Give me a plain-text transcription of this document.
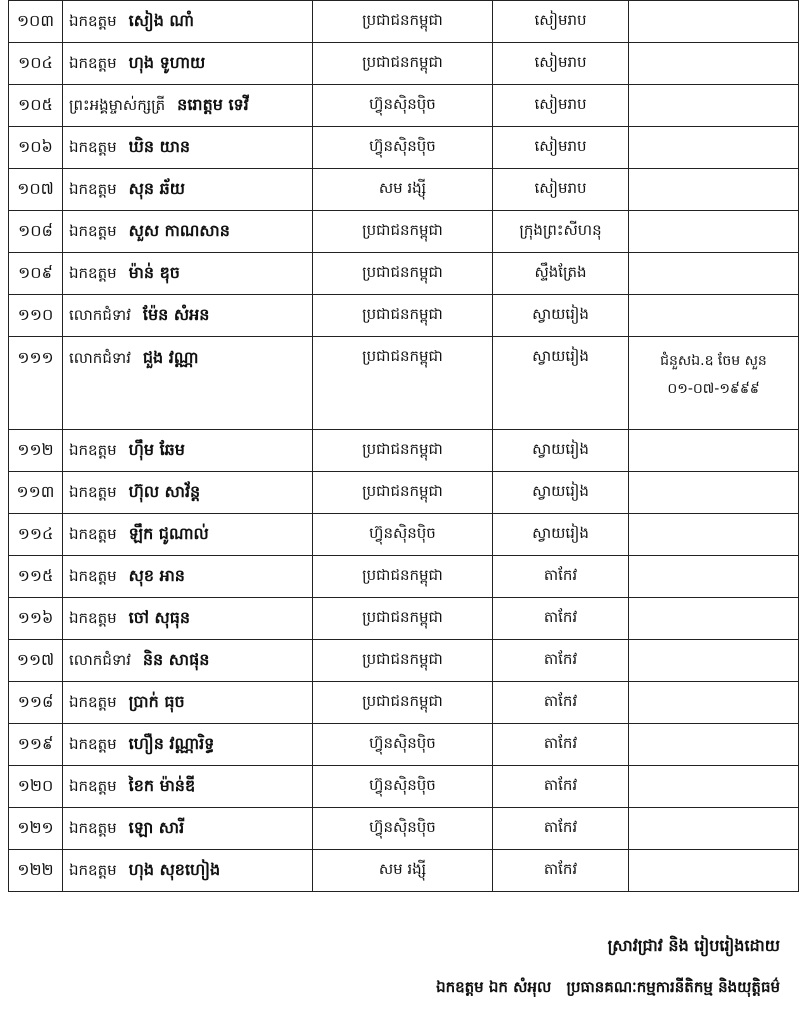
១០៣	ឯកឧត្តម សៀង ណាំ	ប្រជាជនកម្ពុជា	សៀមរាប	
១០៤	ឯកឧត្តម ហុង ទូហាយ	ប្រជាជនកម្ពុជា	សៀមរាប	
១០៥	ព្រះអង្គម្ចាស់ក្សត្រី នរោត្តម ទេវី	ហ៊្វុនស៊ិនប៉ិច	សៀមរាប	
១០៦	ឯកឧត្តម ឃិន យាន	ហ៊្វុនស៊ិនប៉ិច	សៀមរាប	
១០៧	ឯកឧត្តម សុន ឆ័យ	សម រង្ស៊ី	សៀមរាប	
១០៨	ឯកឧត្តម សួស កាណសាន	ប្រជាជនកម្ពុជា	ក្រុងព្រះសីហនុ	
១០៩	ឯកឧត្តម ម៉ាន់ ឌុច	ប្រជាជនកម្ពុជា	ស្ទឹងត្រែង	
១១០	លោកជំទាវ ម៉ែន សំអន	ប្រជាជនកម្ពុជា	ស្វាយរៀង	
១១១	លោកជំទាវ ជួង វណ្ណា	ប្រជាជនកម្ពុជា	ស្វាយរៀង	ជំនួសឯ.ឧ ចែម សួន ០១-០៧-១៩៩៩
១១២	ឯកឧត្តម ហ៊ឹម ឆែម	ប្រជាជនកម្ពុជា	ស្វាយរៀង	
១១៣	ឯកឧត្តម ហ៊ុល សាវ័ន្ត	ប្រជាជនកម្ពុជា	ស្វាយរៀង	
១១៤	ឯកឧត្តម ឡឹក ជូណាល់	ហ៊្វុនស៊ិនប៉ិច	ស្វាយរៀង	
១១៥	ឯកឧត្តម សុខ អាន	ប្រជាជនកម្ពុជា	តាកែវ	
១១៦	ឯកឧត្តម ចៅ សុធុន	ប្រជាជនកម្ពុជា	តាកែវ	
១១៧	លោកជំទាវ និន សាផុន	ប្រជាជនកម្ពុជា	តាកែវ	
១១៨	ឯកឧត្តម ប្រាក់ ធុច	ប្រជាជនកម្ពុជា	តាកែវ	
១១៩	ឯកឧត្តម ហឿន វណ្ណារិទ្ធ	ហ៊្វុនស៊ិនប៉ិច	តាកែវ	
១២០	ឯកឧត្តម ខៃក ម៉ាន់ឌី	ហ៊្វុនស៊ិនប៉ិច	តាកែវ	
១២១	ឯកឧត្តម ឡោ សារី	ហ៊្វុនស៊ិនប៉ិច	តាកែវ	
១២២	ឯកឧត្តម ហុង សុខហៀង	សម រង្ស៊ី	តាកែវ	
ស្រាវជ្រាវ និង រៀបរៀងដោយ
ឯកឧត្តម ឯក សំអុល ប្រធានគណៈកម្មការនីតិកម្ម និងយុត្តិធម៌
